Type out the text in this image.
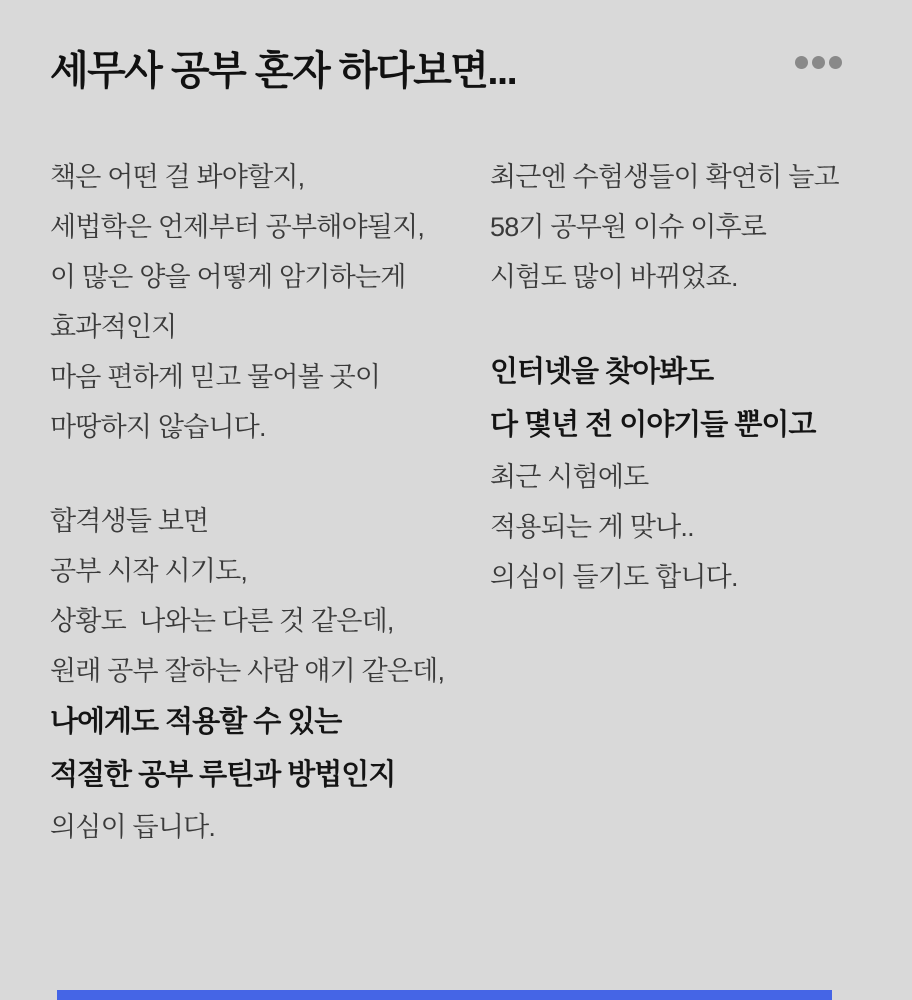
세무사 공부 혼자 하다보면...

책은 어떤 걸 봐야할지,

세법학은 언제부터 공부해야될지,

이 많은 양을 어떻게 암기하는게

효과적인지

마음 편하게 믿고 물어볼 곳이

마땅하지 않습니다.

합격생들 보면

공부 시작 시기도,

상황도  나와는 다른 것 같은데,

원래 공부 잘하는 사람 얘기 같은데,

나에게도 적용할 수 있는

적절한 공부 루틴과 방법인지

의심이 듭니다.

최근엔 수험생들이 확연히 늘고

58기 공무원 이슈 이후로

시험도 많이 바뀌었죠.

인터넷을 찾아봐도

다 몇년 전 이야기들 뿐이고

최근 시험에도

적용되는 게 맞나..

의심이 들기도 합니다.
